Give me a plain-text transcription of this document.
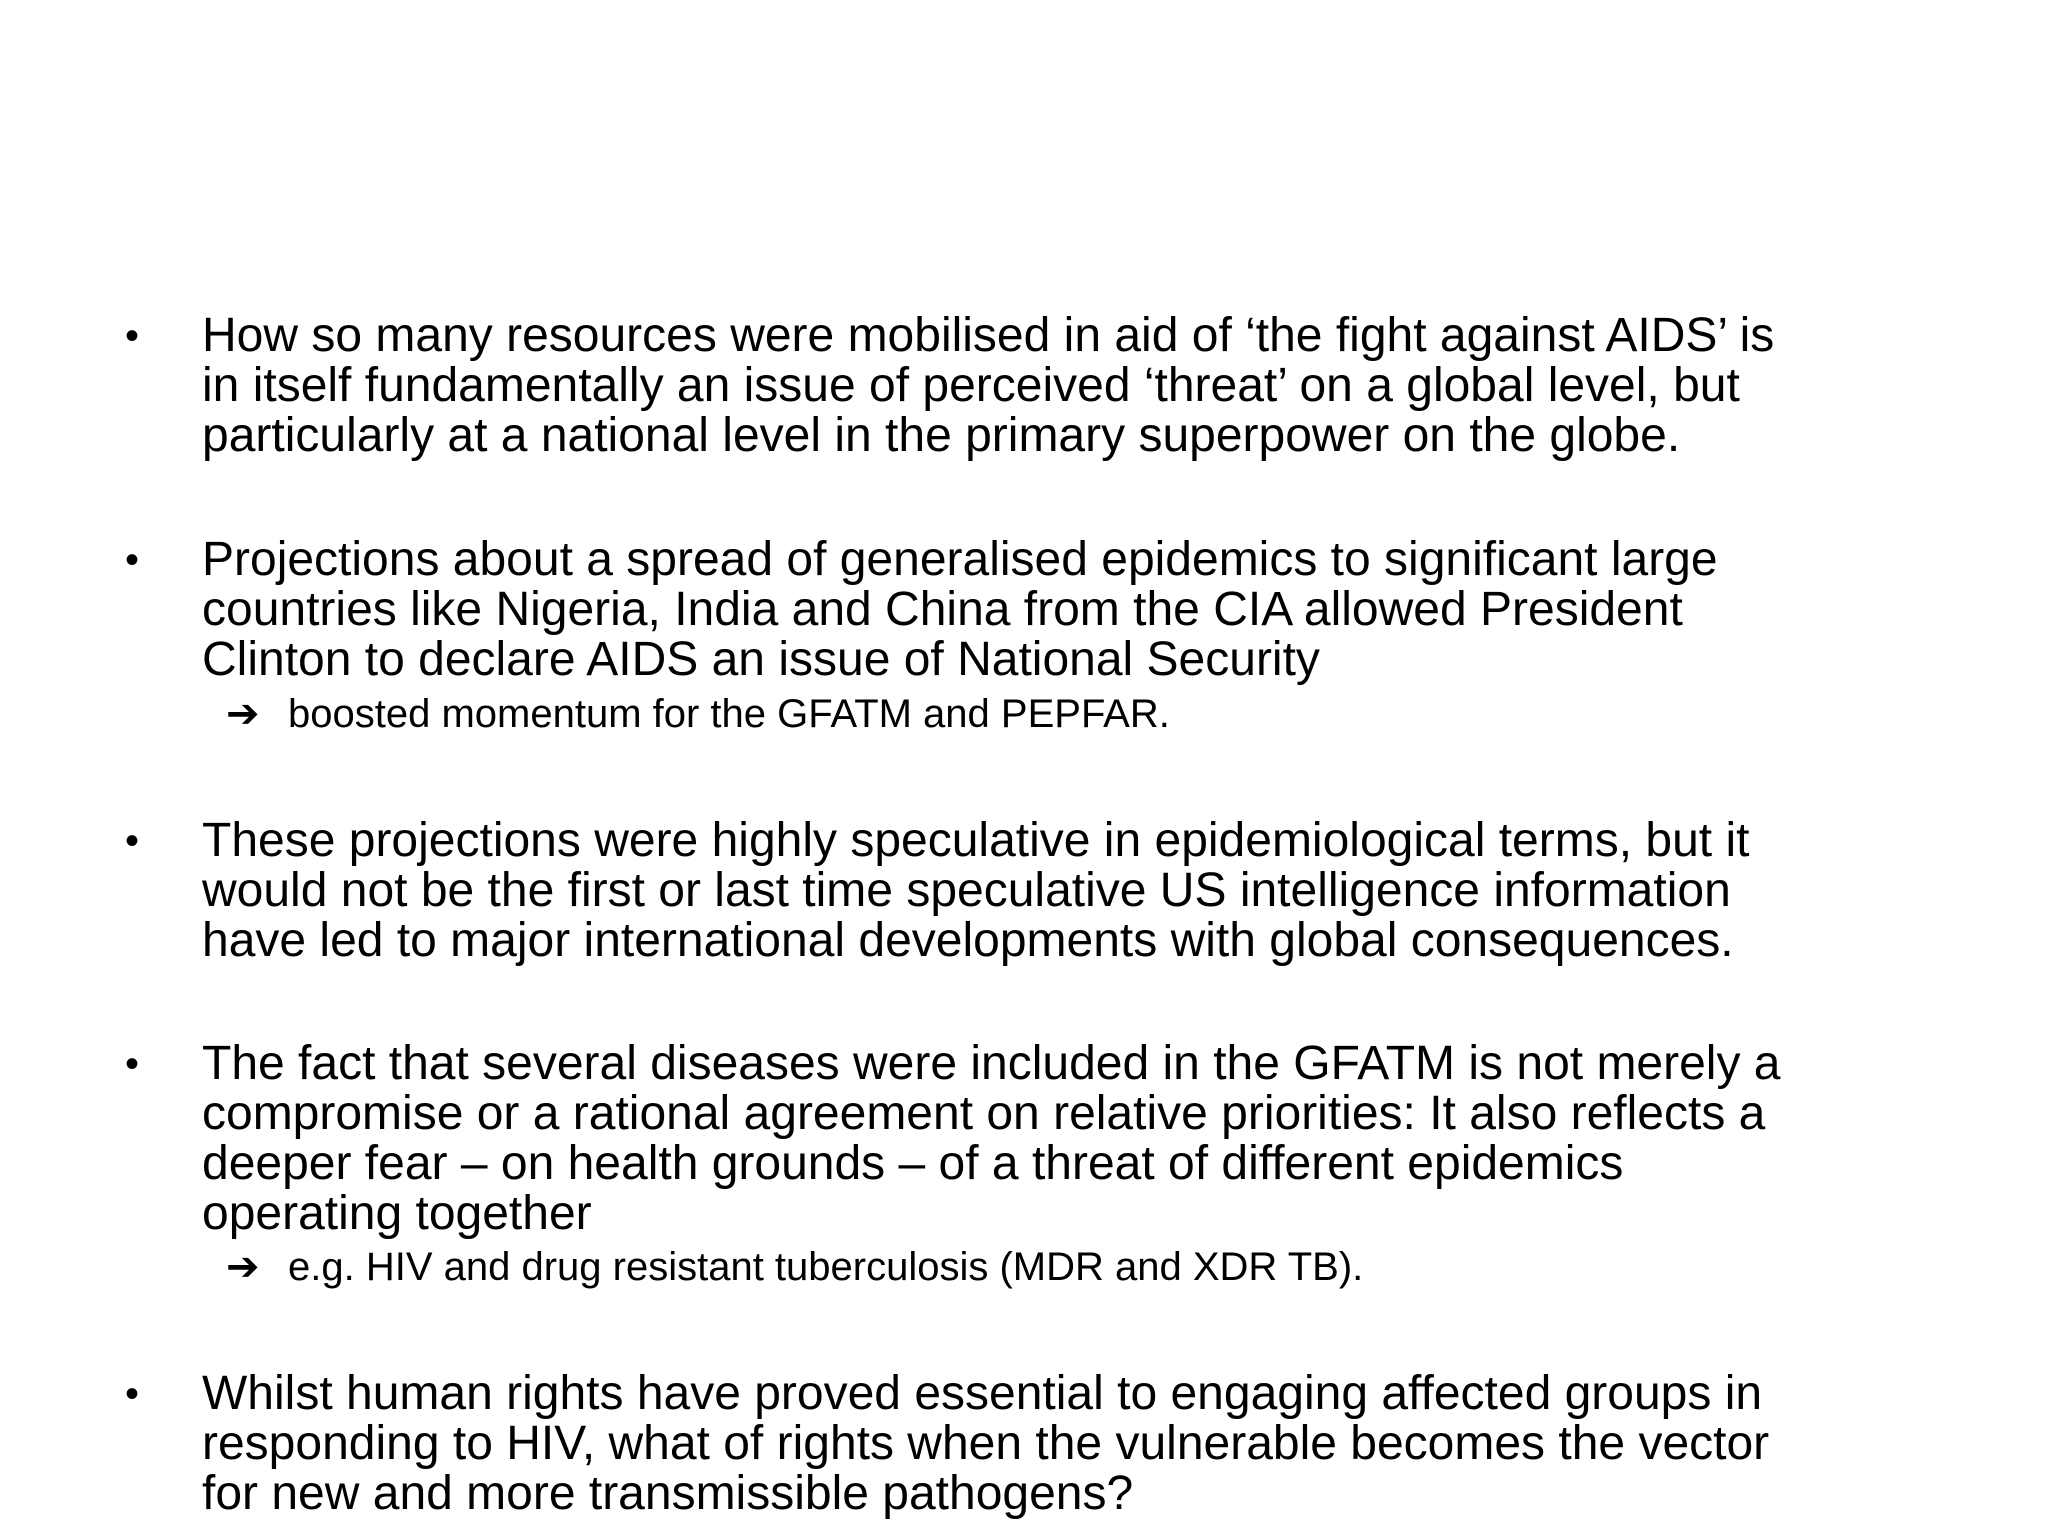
• How so many resources were mobilised in aid of ‘the fight against AIDS’ is
in itself fundamentally an issue of perceived ‘threat’ on a global level, but
particularly at a national level in the primary superpower on the globe.
• Projections about a spread of generalised epidemics to significant large
countries like Nigeria, India and China from the CIA allowed President
Clinton to declare AIDS an issue of National Security
➔ boosted momentum for the GFATM and PEPFAR.
• These projections were highly speculative in epidemiological terms, but it
would not be the first or last time speculative US intelligence information
have led to major international developments with global consequences.
• The fact that several diseases were included in the GFATM is not merely a
compromise or a rational agreement on relative priorities: It also reflects a
deeper fear – on health grounds – of a threat of different epidemics
operating together
➔ e.g. HIV and drug resistant tuberculosis (MDR and XDR TB).
• Whilst human rights have proved essential to engaging affected groups in
responding to HIV, what of rights when the vulnerable becomes the vector
for new and more transmissible pathogens?
